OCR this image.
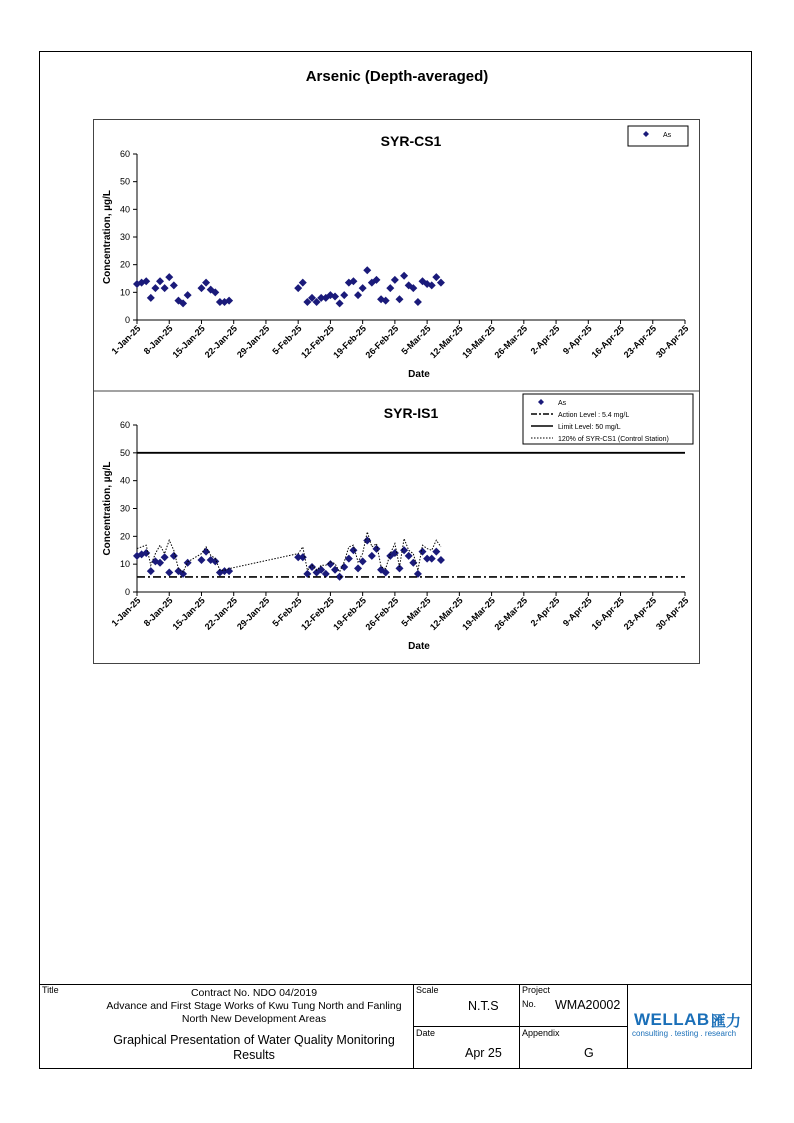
Arsenic (Depth-averaged)
SYR-CS1
0
10
20
30
40
50
60
Concentration, µg/L
1-Jan-25 8-Jan-25
15-Jan-25
22-Jan-25
29-Jan-25
5-Feb-25
12-Feb-25
19-Feb-25
26-Feb-25
5-Mar-25
12-Mar-25
19-Mar-25
26-Mar-25 2-Apr-25 9-Apr-25
16-Apr-25
23-Apr-25
30-Apr-25
Date
As
SYR-IS1
0
10
20
30
40
50
60
Concentration, µg/L
1-Jan-25 8-Jan-25
15-Jan-25
22-Jan-25
29-Jan-25
5-Feb-25
12-Feb-25
19-Feb-25
26-Feb-25
5-Mar-25
12-Mar-25
19-Mar-25
26-Mar-25 2-Apr-25 9-Apr-25
16-Apr-25
23-Apr-25
30-Apr-25
Date
As
Action Level : 5.4 mg/L
Limit Level: 50 mg/L
120% of SYR-CS1 (Control Station)
Title	Contract No. NDO 04/2019
Advance and First Stage Works of Kwu Tung North and Fanling
North New Development Areas
Graphical Presentation of Water Quality Monitoring
Results
Scale
N.T.S
Date
Apr 25
Project
No. WMA20002
Appendix
G
WELLAB 匯力
consulting . testing . research
